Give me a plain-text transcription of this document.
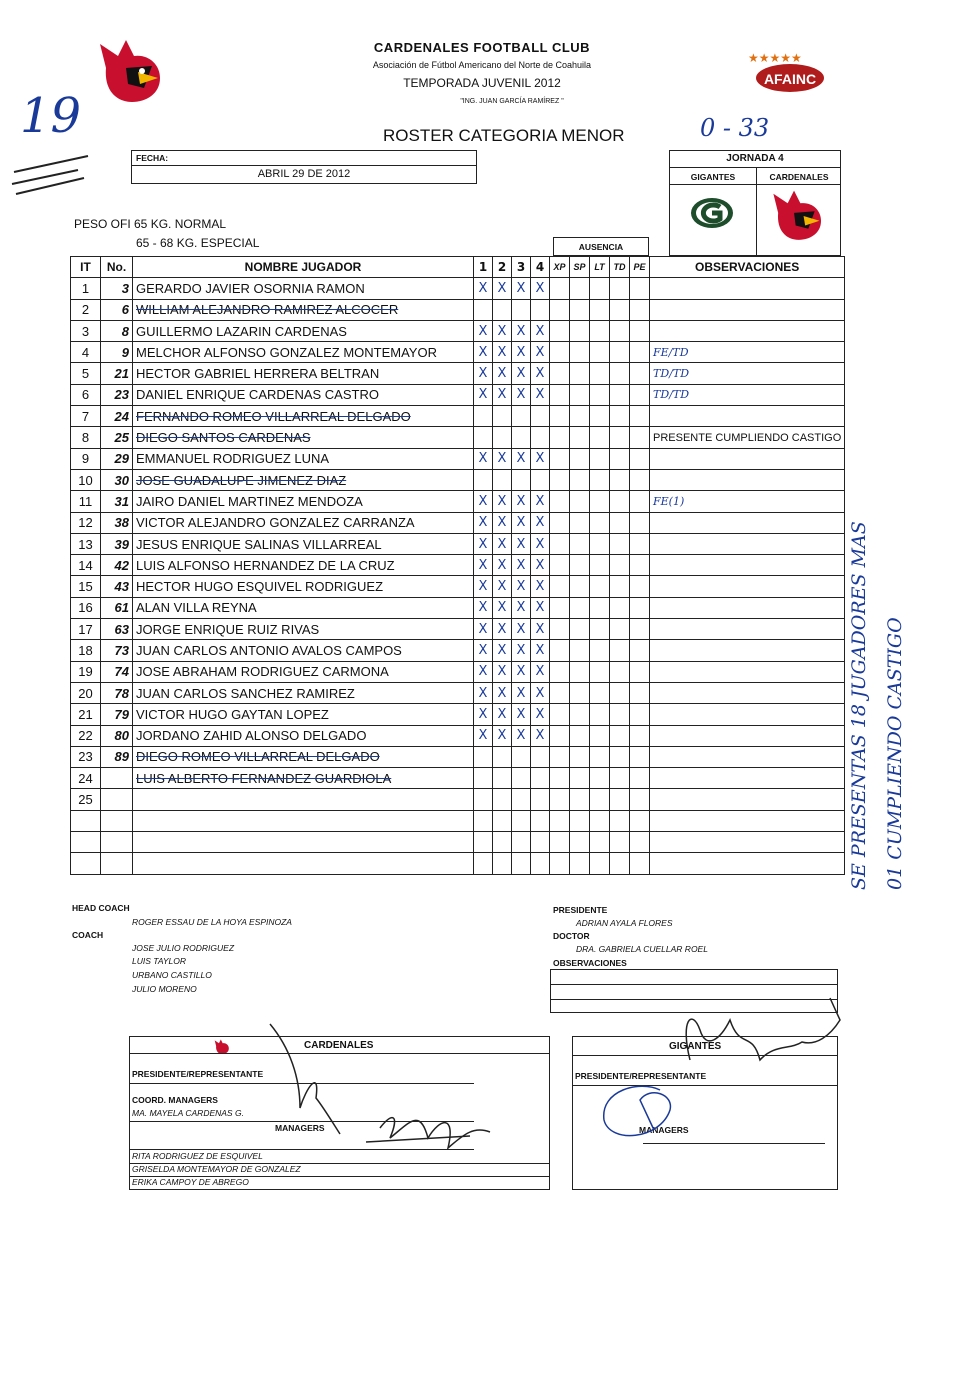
CARDENALES FOOTBALL CLUB
Asociación de Fútbol Americano del Norte de Coahuila
TEMPORADA JUVENIL 2012
"ING. JUAN GARCÍA RAMÍREZ "
ROSTER CATEGORIA MENOR
★★★★★
AFAINC
19	0 - 33
FECHA:
ABRIL 29 DE 2012
JORNADA 4
GIGANTES	CARDENALES
PESO OFI 65 KG. NORMAL
65 - 68 KG. ESPECIAL	AUSENCIA
IT	No.	NOMBRE JUGADOR	1	2	3	4	XP	SP	LT	TD	PE	OBSERVACIONES
1	3	GERARDO JAVIER OSORNIA RAMON	X	X	X	X						
2	6	WILLIAM ALEJANDRO RAMIREZ ALCOCER										
3	8	GUILLERMO LAZARIN CARDENAS	X	X	X	X						
4	9	MELCHOR ALFONSO GONZALEZ MONTEMAYOR	X	X	X	X						FE/TD
5	21	HECTOR GABRIEL HERRERA BELTRAN	X	X	X	X						TD/TD
6	23	DANIEL ENRIQUE CARDENAS CASTRO	X	X	X	X						TD/TD
7	24	FERNANDO ROMEO VILLARREAL DELGADO										
8	25	DIEGO SANTOS CARDENAS										PRESENTE CUMPLIENDO CASTIGO
9	29	EMMANUEL RODRIGUEZ LUNA	X	X	X	X						
10	30	JOSE GUADALUPE JIMENEZ DIAZ										
11	31	JAIRO DANIEL MARTINEZ MENDOZA	X	X	X	X						FE(1)
12	38	VICTOR ALEJANDRO GONZALEZ CARRANZA	X	X	X	X						
13	39	JESUS ENRIQUE SALINAS VILLARREAL	X	X	X	X						
14	42	LUIS ALFONSO HERNANDEZ DE LA CRUZ	X	X	X	X						
15	43	HECTOR HUGO ESQUIVEL RODRIGUEZ	X	X	X	X						
16	61	ALAN VILLA REYNA	X	X	X	X						
17	63	JORGE ENRIQUE RUIZ RIVAS	X	X	X	X						
18	73	JUAN CARLOS ANTONIO AVALOS CAMPOS	X	X	X	X						
19	74	JOSE ABRAHAM RODRIGUEZ CARMONA	X	X	X	X						
20	78	JUAN CARLOS SANCHEZ RAMIREZ	X	X	X	X						
21	79	VICTOR HUGO GAYTAN LOPEZ	X	X	X	X						
22	80	JORDANO ZAHID ALONSO DELGADO	X	X	X	X						
23	89	DIEGO ROMEO VILLARREAL DELGADO										
24		LUIS ALBERTO FERNANDEZ GUARDIOLA										
25												

													SE PRESENTAS 18 JUGADORES MAS 01 CUMPLIENDO CASTIGO
HEAD COACH
ROGER ESSAU DE LA HOYA ESPINOZA
COACH
JOSE JULIO RODRIGUEZ
LUIS TAYLOR
URBANO CASTILLO
JULIO MORENO
PRESIDENTE
ADRIAN AYALA FLORES
DOCTOR
DRA. GABRIELA CUELLAR ROEL
OBSERVACIONES
CARDENALES
PRESIDENTE/REPRESENTANTE
COORD. MANAGERS
MA. MAYELA CARDENAS G.
MANAGERS
RITA RODRIGUEZ DE ESQUIVEL
GRISELDA MONTEMAYOR DE GONZALEZ
ERIKA CAMPOY DE ABREGO
GIGANTES
PRESIDENTE/REPRESENTANTE
MANAGERS
